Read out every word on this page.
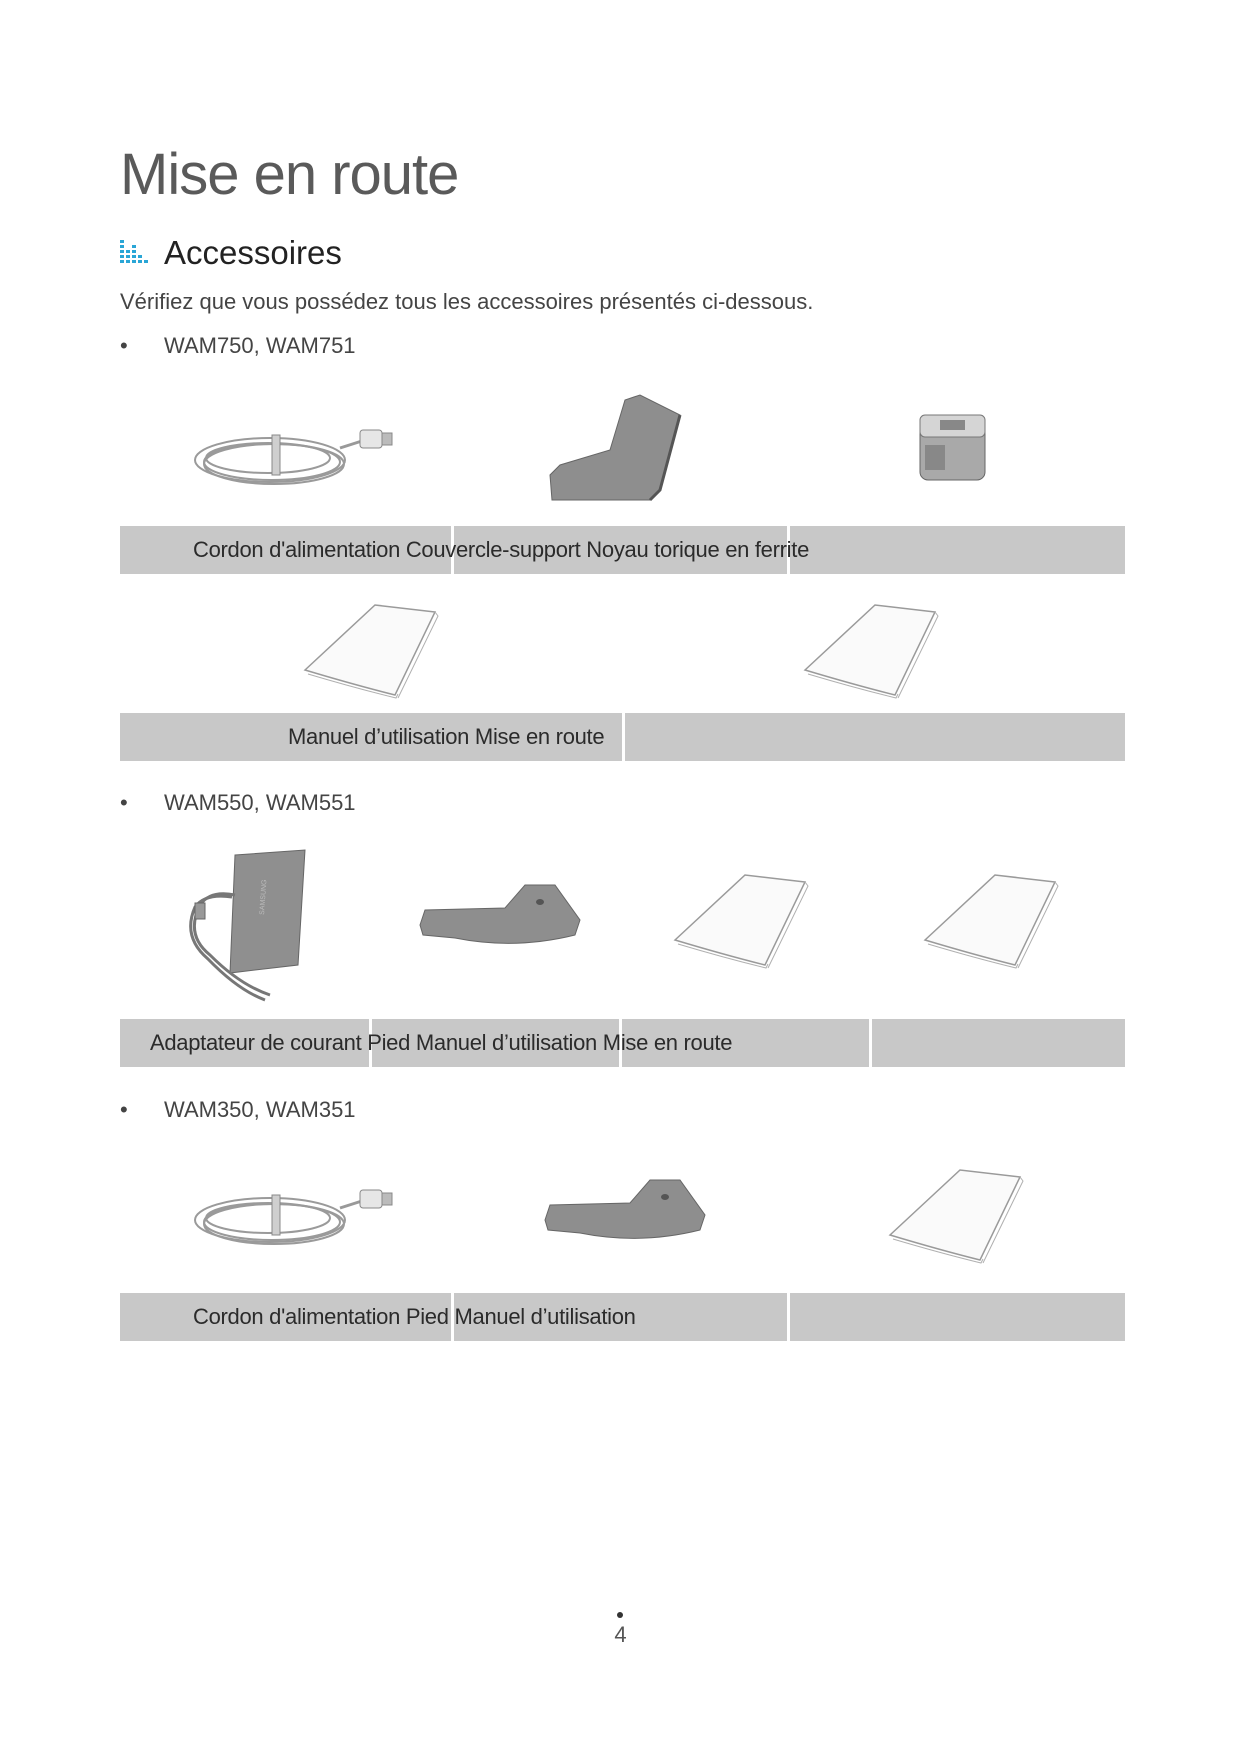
Mise en route
Accessoires
Vérifiez que vous possédez tous les accessoires présentés ci-dessous.
• WAM750, WAM751
Cordon d'alimentation Couvercle-support Noyau torique en ferrite
Manuel d’utilisation Mise en route
• WAM550, WAM551
SAMSUNG
Adaptateur de courant Pied Manuel d’utilisation Mise en route
• WAM350, WAM351
Cordon d'alimentation Pied Manuel d’utilisation
4
